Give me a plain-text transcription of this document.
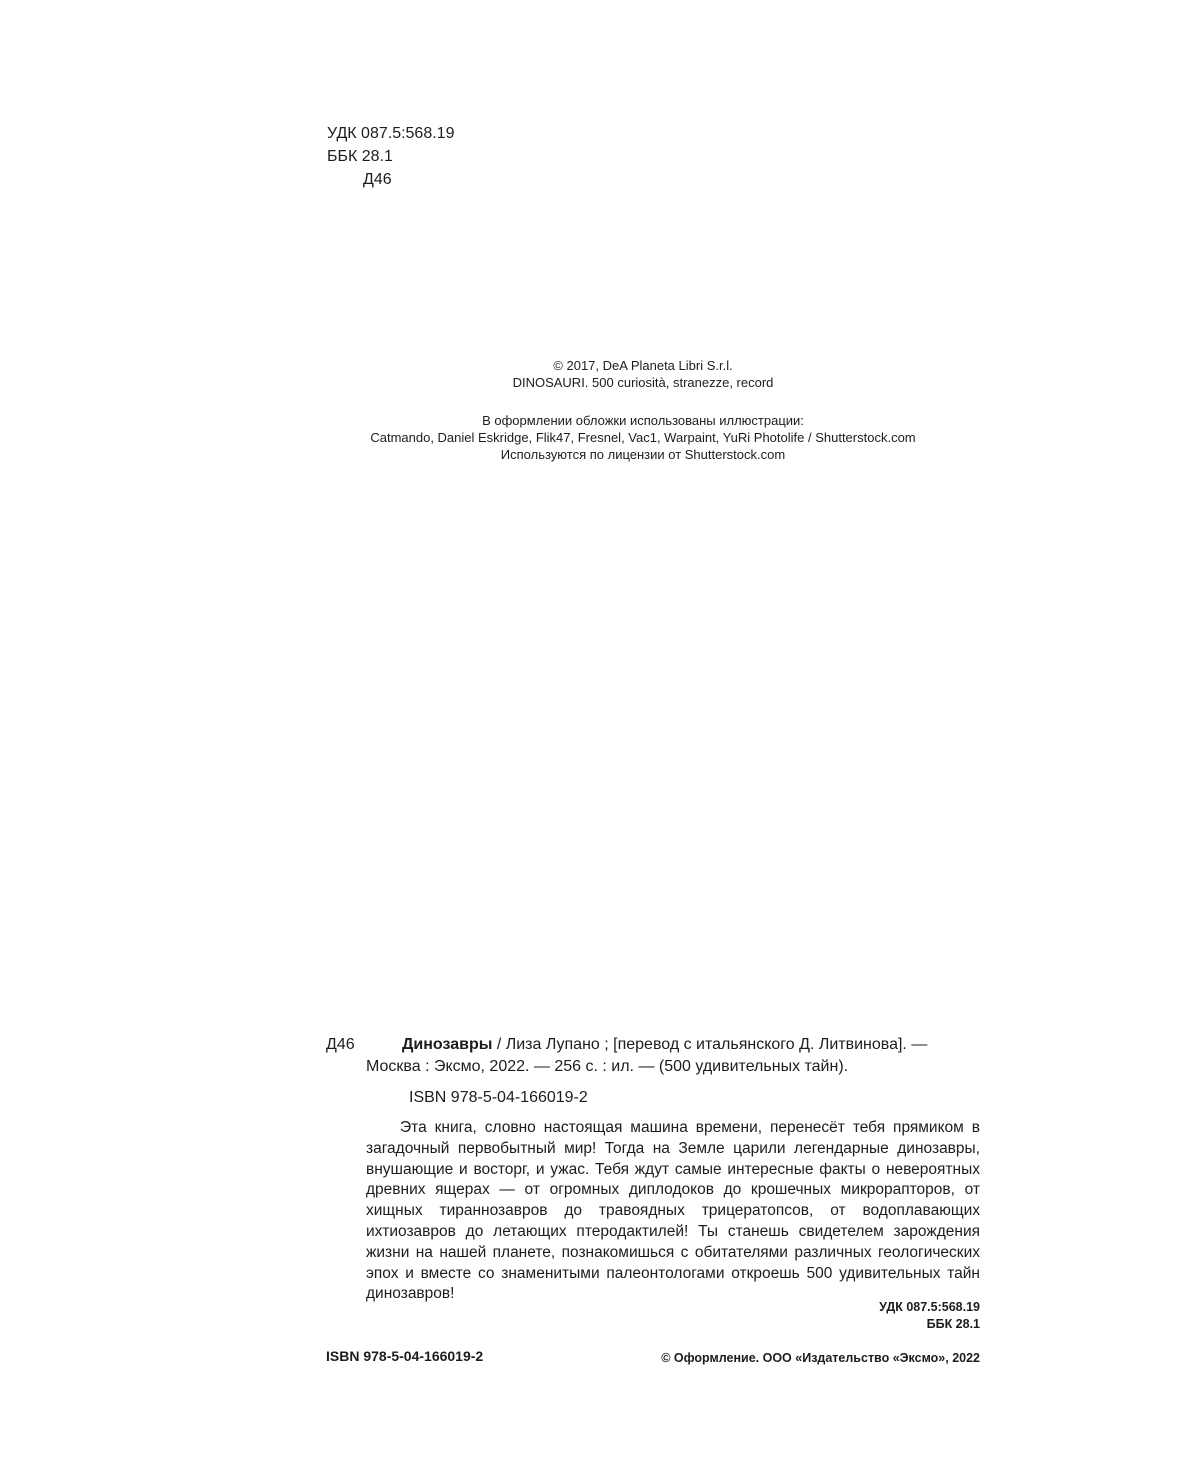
УДК 087.5:568.19
ББК 28.1
Д46
© 2017, DeA Planeta Libri S.r.l.
DINOSAURI. 500 curiosità, stranezze, record
В оформлении обложки использованы иллюстрации:
Catmando, Daniel Eskridge, Flik47, Fresnel, Vac1, Warpaint, YuRi Photolife / Shutterstock.com
Используются по лицензии от Shutterstock.com
Д46	Динозавры / Лиза Лупано ; [перевод с итальянского Д. Литвинова]. — Москва : Эксмо, 2022. — 256 с. : ил. — (500 удивительных тайн).
ISBN 978-5-04-166019-2
Эта книга, словно настоящая машина времени, перенесёт тебя прямиком в загадочный первобытный мир! Тогда на Земле царили легендарные динозавры, внушающие и восторг, и ужас. Тебя ждут самые интересные факты о невероятных древних ящерах — от огромных диплодоков до крошечных микрорапторов, от хищных тираннозавров до травоядных трицератопсов, от водоплавающих ихтиозавров до летающих птеродактилей! Ты станешь свидетелем зарождения жизни на нашей планете, познакомишься с обитателями различных геологических эпох и вместе со знаменитыми палеонтологами откроешь 500 удивительных тайн динозавров!
УДК 087.5:568.19
ББК 28.1
ISBN 978-5-04-166019-2	© Оформление. ООО «Издательство «Эксмо», 2022
